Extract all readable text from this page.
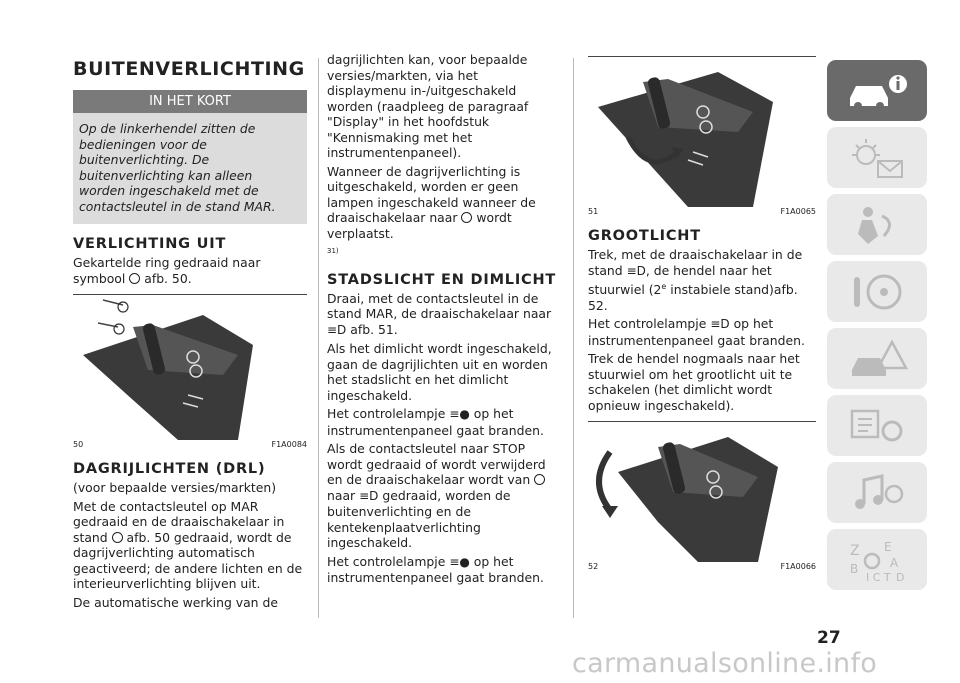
BUITENVERLICHTING
IN HET KORT
Op de linkerhendel zitten de bedieningen voor de buitenverlichting. De buitenverlichting kan alleen worden ingeschakeld met de contactsleutel in de stand MAR.
VERLICHTING UIT

Gekartelde ring gedraaid naar symbool afb. 50.

50	F1A0084
DAGRIJLICHTEN (DRL)

(voor bepaalde versies/markten)

Met de contactsleutel op MAR gedraaid en de draaischakelaar in stand afb. 50 gedraaid, wordt de dagrijverlichting automatisch geactiveerd; de andere lichten en de interieurverlichting blijven uit.

De automatische werking van de

dagrijlichten kan, voor bepaalde versies/markten, via het displaymenu in-/uitgeschakeld worden (raadpleeg de paragraaf "Display" in het hoofdstuk "Kennismaking met het instrumentenpaneel).

Wanneer de dagrijverlichting is uitgeschakeld, worden er geen lampen ingeschakeld wanneer de draaischakelaar naar wordt verplaatst.

$^{31)}$

STADSLICHT EN DIMLICHT

Draai, met de contactsleutel in de stand MAR, de draaischakelaar naar ≡D afb. 51.

Als het dimlicht wordt ingeschakeld, gaan de dagrijlichten uit en worden het stadslicht en het dimlicht ingeschakeld.

Het controlelampje ≡● op het instrumentenpaneel gaat branden.

Als de contactsleutel naar STOP wordt gedraaid of wordt verwijderd en de draaischakelaar wordt van  naar ≡D gedraaid, worden de buitenverlichting en de kentekenplaatverlichting ingeschakeld.

Het controlelampje ≡● op het instrumentenpaneel gaat branden.

51	F1A0065
GROOTLICHT

Trek, met de draaischakelaar in de stand ≡D, de hendel naar het stuurwiel (2e instabiele stand)afb. 52.

Het controlelampje ≡D op het instrumentenpaneel gaat branden.

Trek de hendel nogmaals naar het stuurwiel om het grootlicht uit te schakelen (het dimlicht wordt opnieuw ingeschakeld).

52	F1A0066
Z E
A
B
I C T D
27
carmanualsonline.info
